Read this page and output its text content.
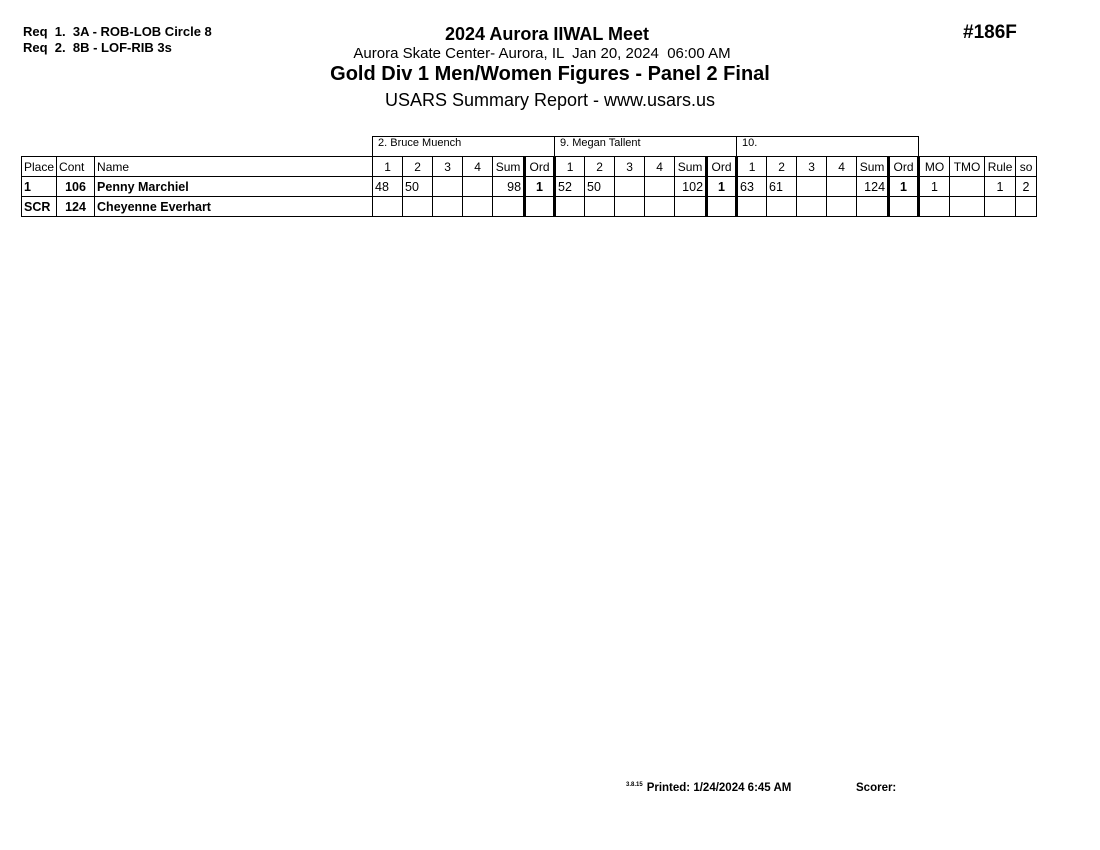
Req  1.  3A - ROB-LOB Circle 8
Req  2.  8B - LOF-RIB 3s
#186F
2024 Aurora IIWAL Meet
Aurora Skate Center- Aurora, IL  Jan 20, 2024  06:00 AM
Gold Div 1 Men/Women Figures - Panel 2 Final
USARS Summary Report - www.usars.us
			2. Bruce Muench						9. Megan Tallent						10.									
Place	Cont	Name	1	2	3	4	Sum	Ord	1	2	3	4	Sum	Ord	1	2	3	4	Sum	Ord	MO	TMO	Rule	so
1	106	Penny Marchiel	48	50			98	1	52	50			102	1	63	61			124	1	1		1	2
SCR	124	Cheyenne Everhart																						
$^{3.8.15}$ Printed: 1/24/2024 6:45 AM	Scorer:
